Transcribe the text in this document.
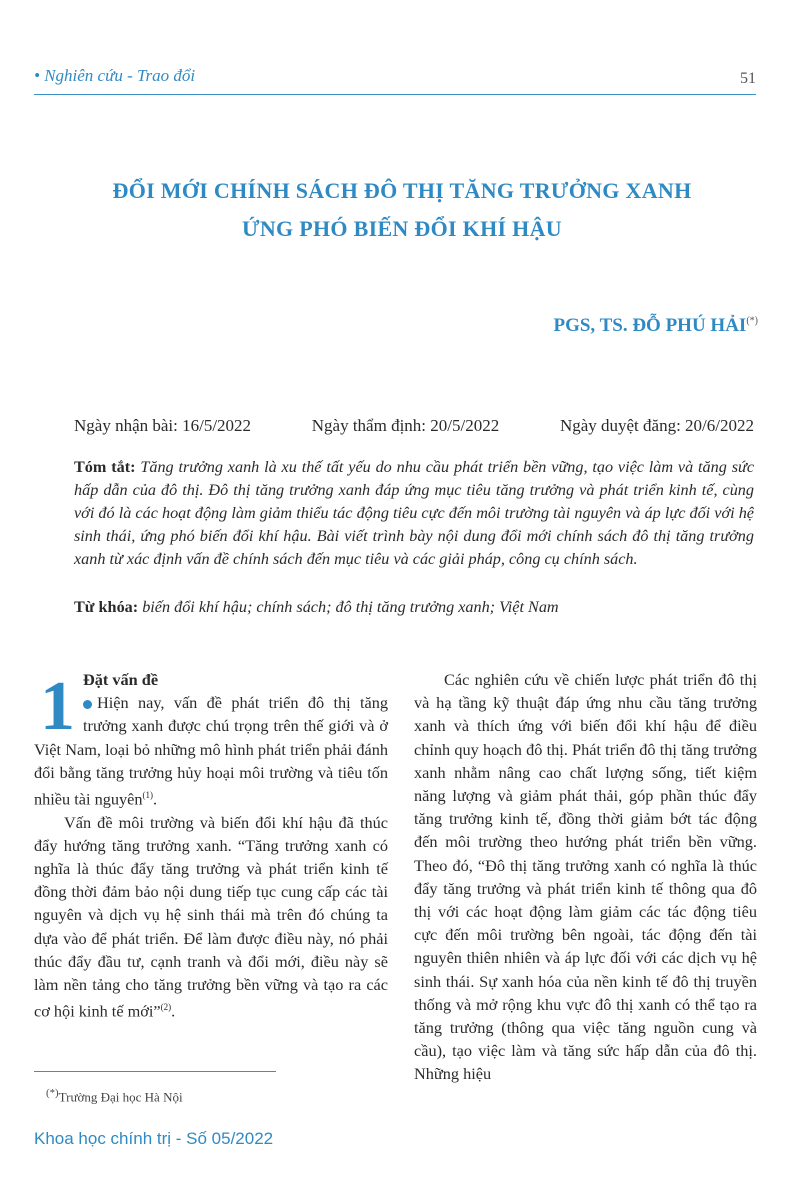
• Nghiên cứu - Trao đổi	51
ĐỔI MỚI CHÍNH SÁCH ĐÔ THỊ TĂNG TRƯỞNG XANH
ỨNG PHÓ BIẾN ĐỔI KHÍ HẬU
PGS, TS. ĐỖ PHÚ HẢI(*)
Ngày nhận bài: 16/5/2022	Ngày thẩm định: 20/5/2022	Ngày duyệt đăng: 20/6/2022
Tóm tắt: Tăng trưởng xanh là xu thế tất yếu do nhu cầu phát triển bền vững, tạo việc làm và tăng sức hấp dẫn của đô thị. Đô thị tăng trưởng xanh đáp ứng mục tiêu tăng trưởng và phát triển kinh tế, cùng với đó là các hoạt động làm giảm thiểu tác động tiêu cực đến môi trường tài nguyên và áp lực đối với hệ sinh thái, ứng phó biến đổi khí hậu. Bài viết trình bày nội dung đổi mới chính sách đô thị tăng trưởng xanh từ xác định vấn đề chính sách đến mục tiêu và các giải pháp, công cụ chính sách.
Từ khóa: biến đổi khí hậu; chính sách; đô thị tăng trưởng xanh; Việt Nam
1 Đặt vấn đề

Hiện nay, vấn đề phát triển đô thị tăng trưởng xanh được chú trọng trên thế giới và ở Việt Nam, loại bỏ những mô hình phát triển phải đánh đổi bằng tăng trưởng hủy hoại môi trường và tiêu tốn nhiều tài nguyên$^{(1)}$.

Vấn đề môi trường và biến đổi khí hậu đã thúc đẩy hướng tăng trưởng xanh. “Tăng trưởng xanh có nghĩa là thúc đẩy tăng trưởng và phát triển kinh tế đồng thời đảm bảo nội dung tiếp tục cung cấp các tài nguyên và dịch vụ hệ sinh thái mà trên đó chúng ta dựa vào để phát triển. Để làm được điều này, nó phải thúc đẩy đầu tư, cạnh tranh và đổi mới, điều này sẽ làm nền tảng cho tăng trưởng bền vững và tạo ra các cơ hội kinh tế mới”$^{(2)}$.

Các nghiên cứu về chiến lược phát triển đô thị và hạ tầng kỹ thuật đáp ứng nhu cầu tăng trưởng xanh và thích ứng với biến đổi khí hậu để điều chỉnh quy hoạch đô thị. Phát triển đô thị tăng trưởng xanh nhằm nâng cao chất lượng sống, tiết kiệm năng lượng và giảm phát thải, góp phần thúc đẩy tăng trưởng kinh tế, đồng thời giảm bớt tác động đến môi trường theo hướng phát triển bền vững. Theo đó, “Đô thị tăng trưởng xanh có nghĩa là thúc đẩy tăng trưởng và phát triển kinh tế thông qua đô thị với các hoạt động làm giảm các tác động tiêu cực đến môi trường bên ngoài, tác động đến tài nguyên thiên nhiên và áp lực đối với các dịch vụ hệ sinh thái. Sự xanh hóa của nền kinh tế đô thị truyền thống và mở rộng khu vực đô thị xanh có thể tạo ra tăng trưởng (thông qua việc tăng nguồn cung và cầu), tạo việc làm và tăng sức hấp dẫn của đô thị. Những hiệu

(*)Trường Đại học Hà Nội
Khoa học chính trị - Số 05/2022
